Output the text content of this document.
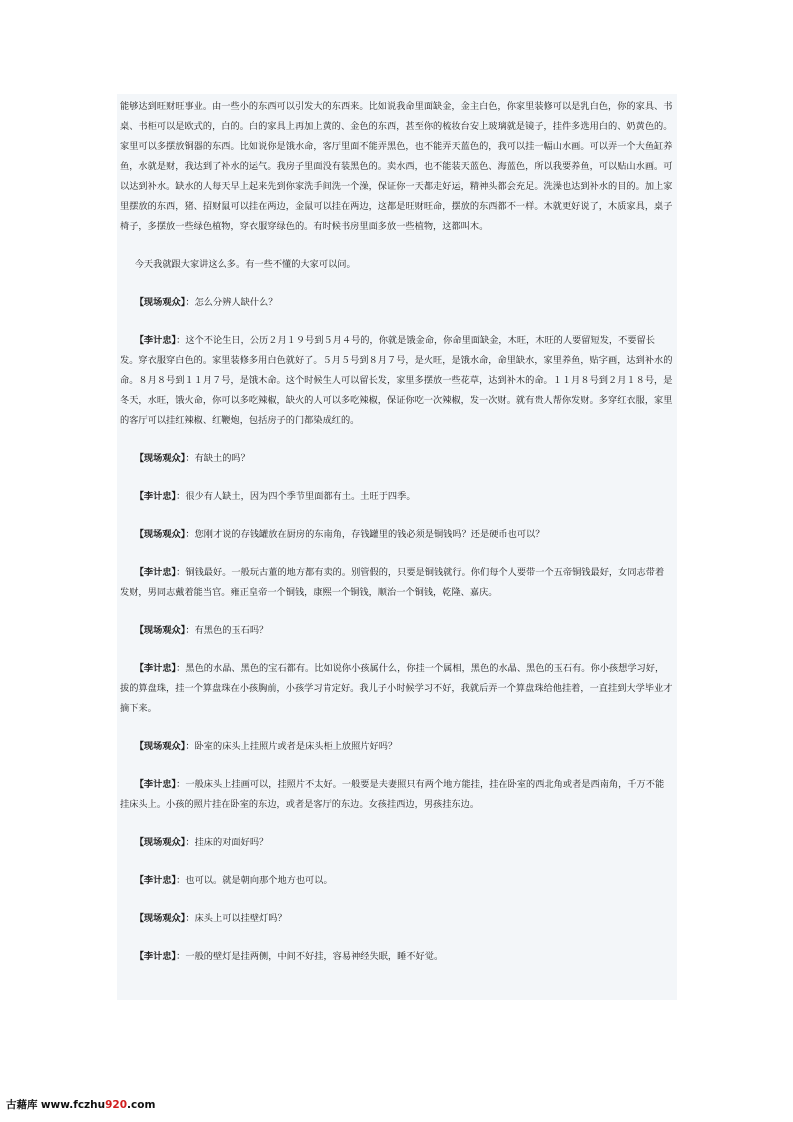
能够达到旺财旺事业。由一些小的东西可以引发大的东西来。比如说我命里面缺金，金主白色，你家里装修可以是乳白色，你的家具、书桌、书柜可以是欧式的，白的。白的家具上再加上黄的、金色的东西，甚至你的梳妆台安上玻璃就是镜子，挂件多选用白的、奶黄色的。家里可以多摆放铜器的东西。比如说你是饿水命，客厅里面不能弄黑色，也不能弄天蓝色的，我可以挂一幅山水画。可以弄一个大鱼缸养鱼，水就是财，我达到了补水的运气。我房子里面没有装黑色的。卖水西，也不能装天蓝色、海蓝色，所以我要养鱼，可以贴山水画。可以达到补水。缺水的人每天早上起来先到你家洗手间洗一个澡，保证你一天都走好运，精神头都会充足。洗澡也达到补水的目的。加上家里摆放的东西，猪、招财鼠可以挂在两边，金鼠可以挂在两边，这都是旺财旺命，摆放的东西都不一样。木就更好说了，木质家具，桌子椅子，多摆放一些绿色植物，穿衣服穿绿色的。有时候书房里面多放一些植物，这都叫木。

今天我就跟大家讲这么多。有一些不懂的大家可以问。

【现场观众】：怎么分辨人缺什么？

【李计忠】：这个不论生日，公历２月１９号到５月４号的，你就是饿金命，你命里面缺金，木旺，木旺的人要留短发，不要留长发。穿衣服穿白色的。家里装修多用白色就好了。５月５号到８月７号，是火旺，是饿水命，命里缺水，家里养鱼，贴字画，达到补水的命。８月８号到１１月７号，是饿木命。这个时候生人可以留长发，家里多摆放一些花草，达到补木的命。１１月８号到２月１８号，是冬天，水旺，饿火命，你可以多吃辣椒，缺火的人可以多吃辣椒，保证你吃一次辣椒，发一次财。就有贵人帮你发财。多穿红衣服，家里的客厅可以挂红辣椒、红鞭炮，包括房子的门都染成红的。

【现场观众】：有缺土的吗？

【李计忠】：很少有人缺土，因为四个季节里面都有土。土旺于四季。

【现场观众】：您刚才说的存钱罐放在厨房的东南角，存钱罐里的钱必须是铜钱吗？还是硬币也可以？

【李计忠】：铜钱最好。一般玩古董的地方都有卖的。别管假的，只要是铜钱就行。你们每个人要带一个五帝铜钱最好，女同志带着发财，男同志戴着能当官。雍正皇帝一个铜钱，康熙一个铜钱，顺治一个铜钱，乾隆、嘉庆。

【现场观众】：有黑色的玉石吗？

【李计忠】：黑色的水晶、黑色的宝石都有。比如说你小孩属什么，你挂一个属相，黑色的水晶、黑色的玉石有。你小孩想学习好，拔的算盘珠，挂一个算盘珠在小孩胸前，小孩学习肯定好。我儿子小时候学习不好，我就后弄一个算盘珠给他挂着，一直挂到大学毕业才摘下来。

【现场观众】：卧室的床头上挂照片或者是床头柜上放照片好吗？

【李计忠】：一般床头上挂画可以，挂照片不太好。一般要是夫妻照只有两个地方能挂，挂在卧室的西北角或者是西南角，千万不能挂床头上。小孩的照片挂在卧室的东边，或者是客厅的东边。女孩挂西边，男孩挂东边。

【现场观众】：挂床的对面好吗？

【李计忠】：也可以。就是朝向那个地方也可以。

【现场观众】：床头上可以挂壁灯吗？

【李计忠】：一般的壁灯是挂两侧，中间不好挂，容易神经失眠，睡不好觉。

古藉库 www.fczhu920.com
